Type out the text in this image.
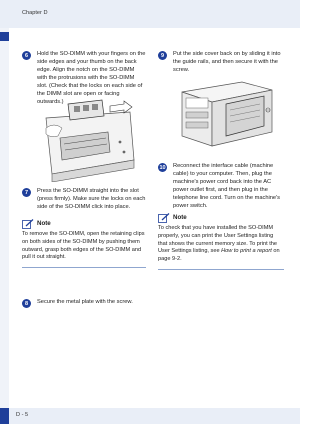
Chapter D
6	Hold the SO-DIMM with your fingers on the side edges and your thumb on the back edge. Align the notch on the SO-DIMM with the protrusions with the SO-DIMM slot. (Check that the locks on each side of the DIMM slot are open or facing outwards.)
7	Press the SO-DIMM straight into the slot (press firmly). Make sure the locks on each side of the SO-DIMM click into place.
Note
To remove the SO-DIMM, open the retaining clips on both sides of the SO-DIMM by pushing them outward, grasp both edges of the SO-DIMM and pull it out straight.
8	Secure the metal plate with the screw.
9	Put the side cover back on by sliding it into the guide rails, and then secure it with the screw.
10 Reconnect the interface cable (machine cable) to your computer. Then, plug the machine's power cord back into the AC power outlet first, and then plug in the telephone line cord. Turn on the machine's power switch.
Note
To check that you have installed the SO-DIMM properly, you can print the User Settings listing that shows the current memory size. To print the User Settings listing, see How to print a report on page 9-2.
D - 5
